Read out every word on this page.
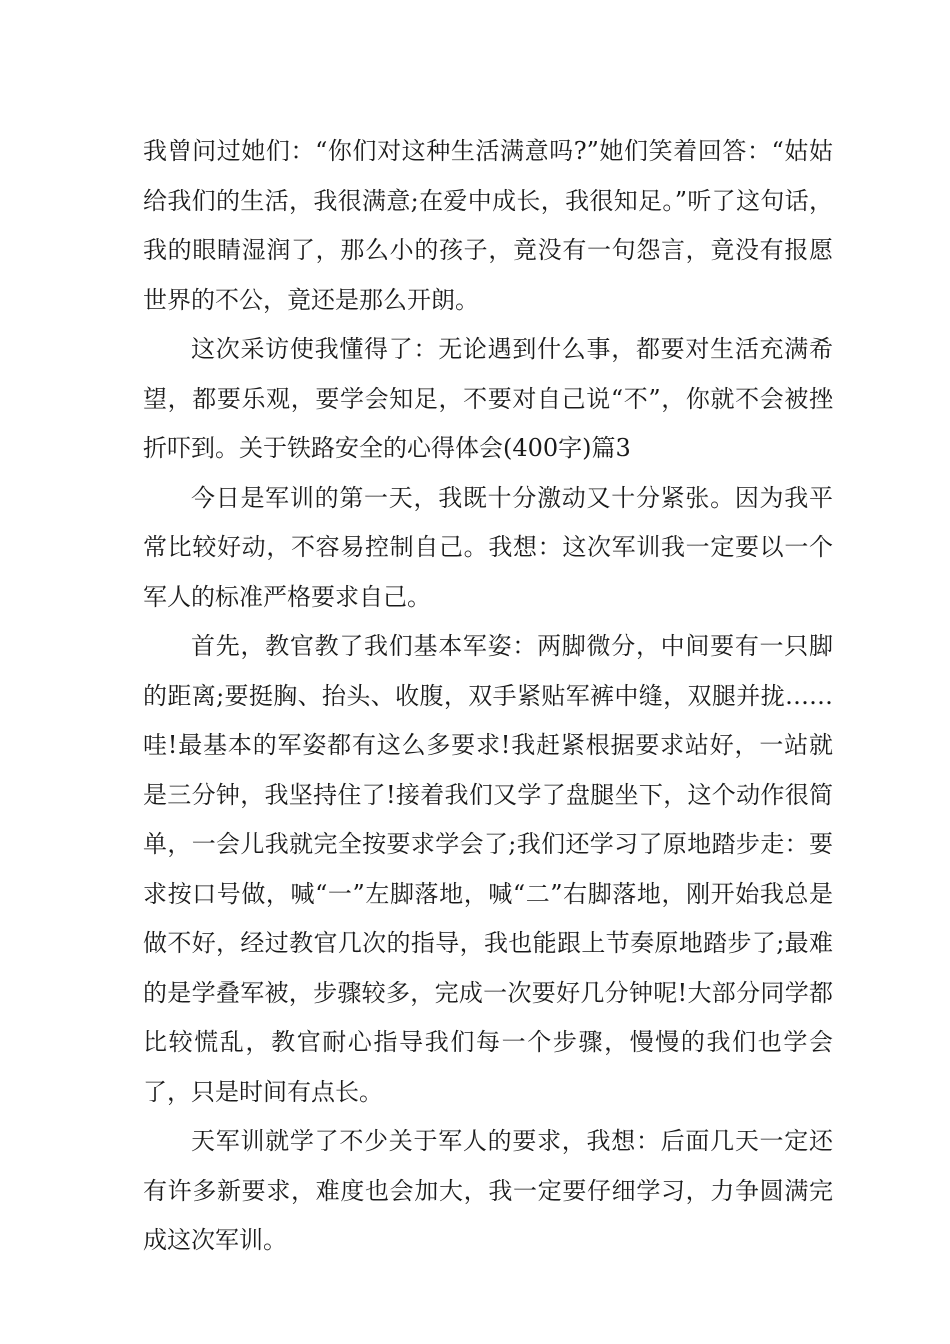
我曾问过她们：“你们对这种生活满意吗?”她们笑着回答：“姑姑给我们的生活，我很满意;在爱中成长，我很知足。”听了这句话，我的眼睛湿润了，那么小的孩子，竟没有一句怨言，竟没有报愿世界的不公，竟还是那么开朗。

这次采访使我懂得了：无论遇到什么事，都要对生活充满希望，都要乐观，要学会知足，不要对自己说“不”，你就不会被挫折吓到。关于铁路安全的心得体会(400字)篇3

今日是军训的第一天，我既十分激动又十分紧张。因为我平常比较好动，不容易控制自己。我想：这次军训我一定要以一个军人的标准严格要求自己。

首先，教官教了我们基本军姿：两脚微分，中间要有一只脚的距离;要挺胸、抬头、收腹，双手紧贴军裤中缝，双腿并拢……哇!最基本的军姿都有这么多要求!我赶紧根据要求站好，一站就是三分钟，我坚持住了!接着我们又学了盘腿坐下，这个动作很简单，一会儿我就完全按要求学会了;我们还学习了原地踏步走：要求按口号做，喊“一”左脚落地，喊“二”右脚落地，刚开始我总是做不好，经过教官几次的指导，我也能跟上节奏原地踏步了;最难的是学叠军被，步骤较多，完成一次要好几分钟呢!大部分同学都比较慌乱，教官耐心指导我们每一个步骤，慢慢的我们也学会了，只是时间有点长。

天军训就学了不少关于军人的要求，我想：后面几天一定还有许多新要求，难度也会加大，我一定要仔细学习，力争圆满完成这次军训。
